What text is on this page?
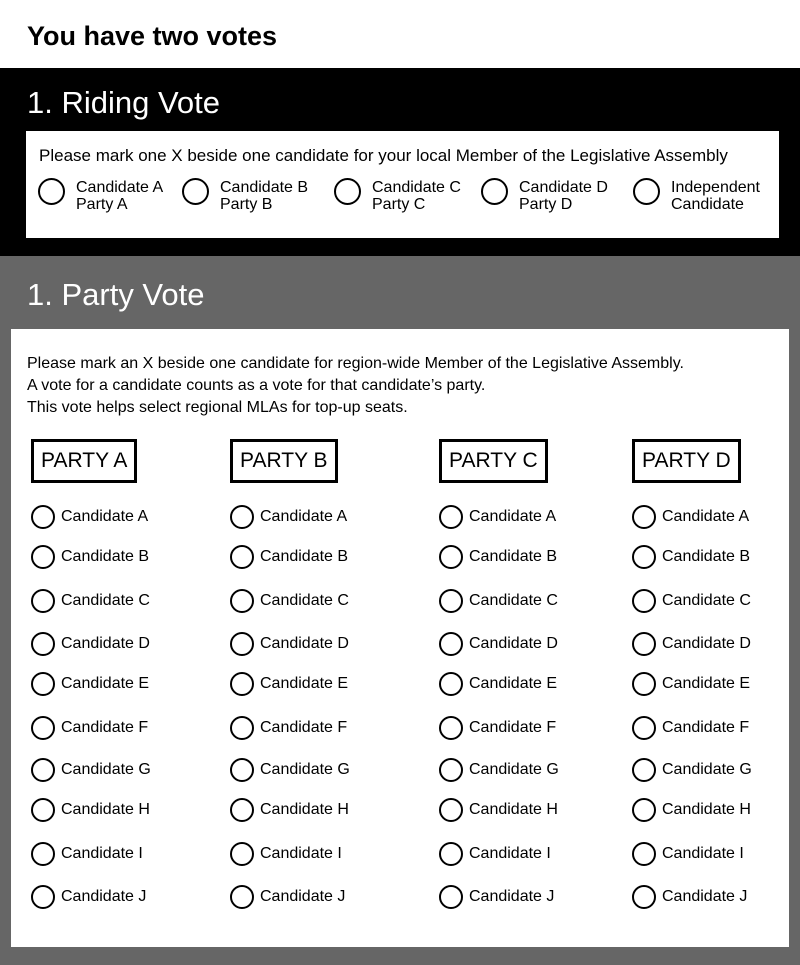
You have two votes
1. Riding Vote
Please mark one X beside one candidate for your local Member of the Legislative Assembly
Candidate A
Party A
Candidate B
Party B
Candidate C
Party C
Candidate D
Party D
Independent
Candidate
1. Party Vote
Please mark an X beside one candidate for region-wide Member of the Legislative Assembly.
A vote for a candidate counts as a vote for that candidate’s party.
This vote helps select regional MLAs for top-up seats.
PARTY A
Candidate A
Candidate B
Candidate C
Candidate D
Candidate E
Candidate F
Candidate G
Candidate H
Candidate I
Candidate J
PARTY B
Candidate A
Candidate B
Candidate C
Candidate D
Candidate E
Candidate F
Candidate G
Candidate H
Candidate I
Candidate J
PARTY C
Candidate A
Candidate B
Candidate C
Candidate D
Candidate E
Candidate F
Candidate G
Candidate H
Candidate I
Candidate J
PARTY D
Candidate A
Candidate B
Candidate C
Candidate D
Candidate E
Candidate F
Candidate G
Candidate H
Candidate I
Candidate J
